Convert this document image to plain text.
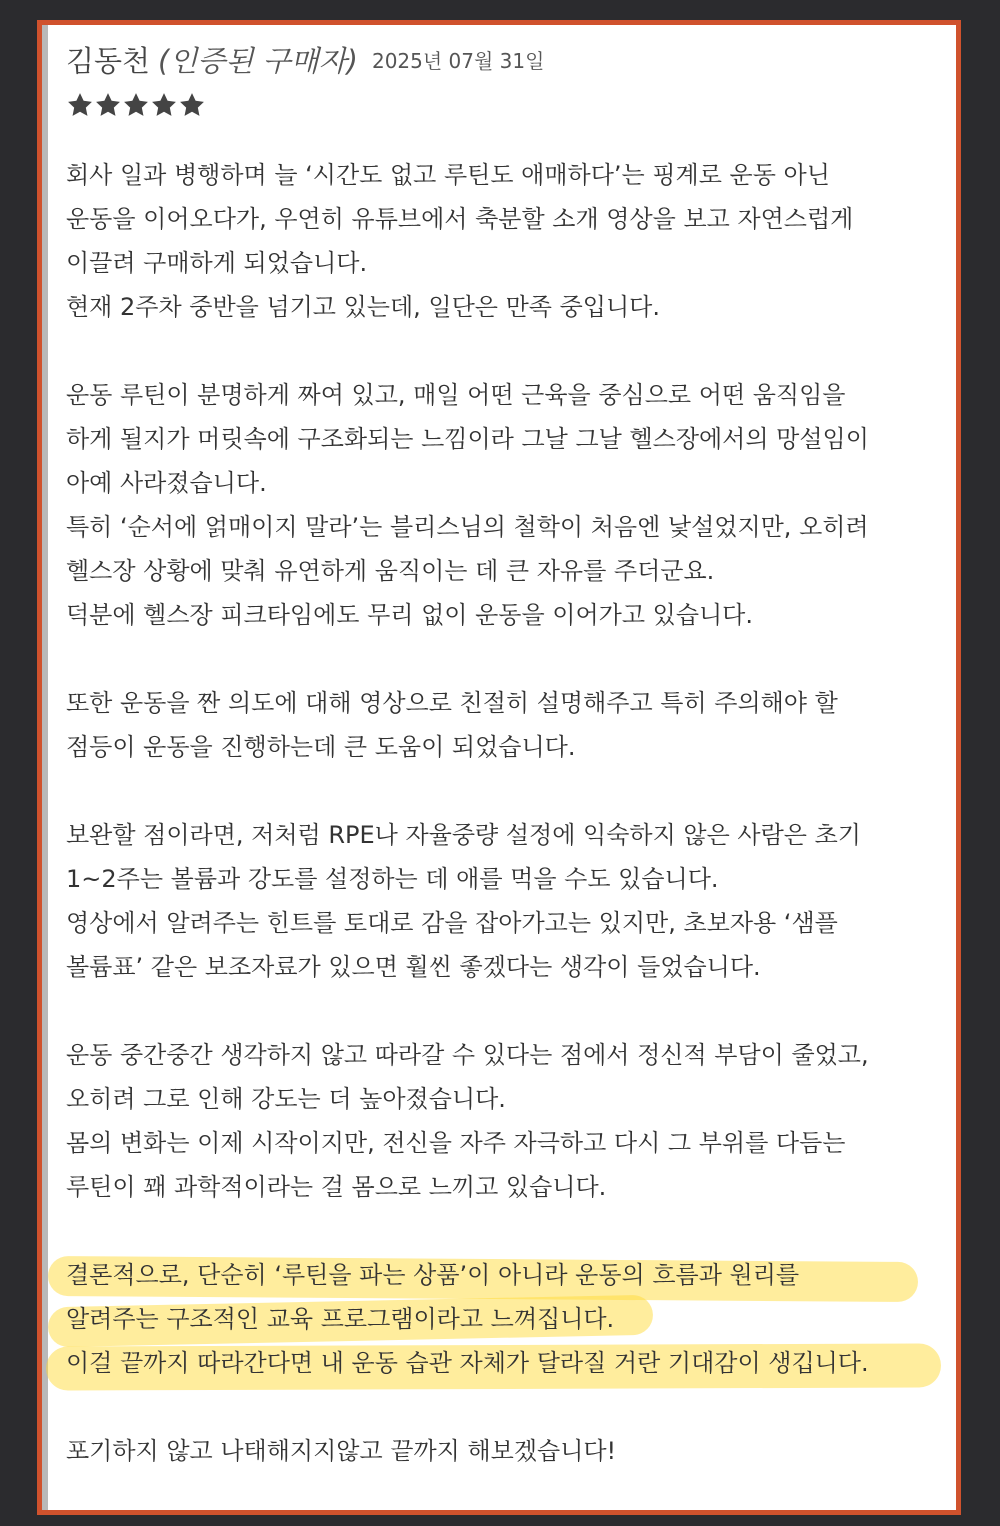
김동천 (인증된 구매자) 2025년 07월 31일
회사 일과 병행하며 늘 ‘시간도 없고 루틴도 애매하다’는 핑계로 운동 아닌
운동을 이어오다가, 우연히 유튜브에서 축분할 소개 영상을 보고 자연스럽게
이끌려 구매하게 되었습니다.
현재 2주차 중반을 넘기고 있는데, 일단은 만족 중입니다.
운동 루틴이 분명하게 짜여 있고, 매일 어떤 근육을 중심으로 어떤 움직임을
하게 될지가 머릿속에 구조화되는 느낌이라 그날 그날 헬스장에서의 망설임이
아예 사라졌습니다.
특히 ‘순서에 얽매이지 말라’는 블리스님의 철학이 처음엔 낯설었지만, 오히려
헬스장 상황에 맞춰 유연하게 움직이는 데 큰 자유를 주더군요.
덕분에 헬스장 피크타임에도 무리 없이 운동을 이어가고 있습니다.
또한 운동을 짠 의도에 대해 영상으로 친절히 설명해주고 특히 주의해야 할
점등이 운동을 진행하는데 큰 도움이 되었습니다.
보완할 점이라면, 저처럼 RPE나 자율중량 설정에 익숙하지 않은 사람은 초기
1~2주는 볼륨과 강도를 설정하는 데 애를 먹을 수도 있습니다.
영상에서 알려주는 힌트를 토대로 감을 잡아가고는 있지만, 초보자용 ‘샘플
볼륨표’ 같은 보조자료가 있으면 훨씬 좋겠다는 생각이 들었습니다.
운동 중간중간 생각하지 않고 따라갈 수 있다는 점에서 정신적 부담이 줄었고,
오히려 그로 인해 강도는 더 높아졌습니다.
몸의 변화는 이제 시작이지만, 전신을 자주 자극하고 다시 그 부위를 다듬는
루틴이 꽤 과학적이라는 걸 몸으로 느끼고 있습니다.
결론적으로, 단순히 ‘루틴을 파는 상품’이 아니라 운동의 흐름과 원리를
알려주는 구조적인 교육 프로그램이라고 느껴집니다.
이걸 끝까지 따라간다면 내 운동 습관 자체가 달라질 거란 기대감이 생깁니다.
포기하지 않고 나태해지지않고 끝까지 해보겠습니다!
